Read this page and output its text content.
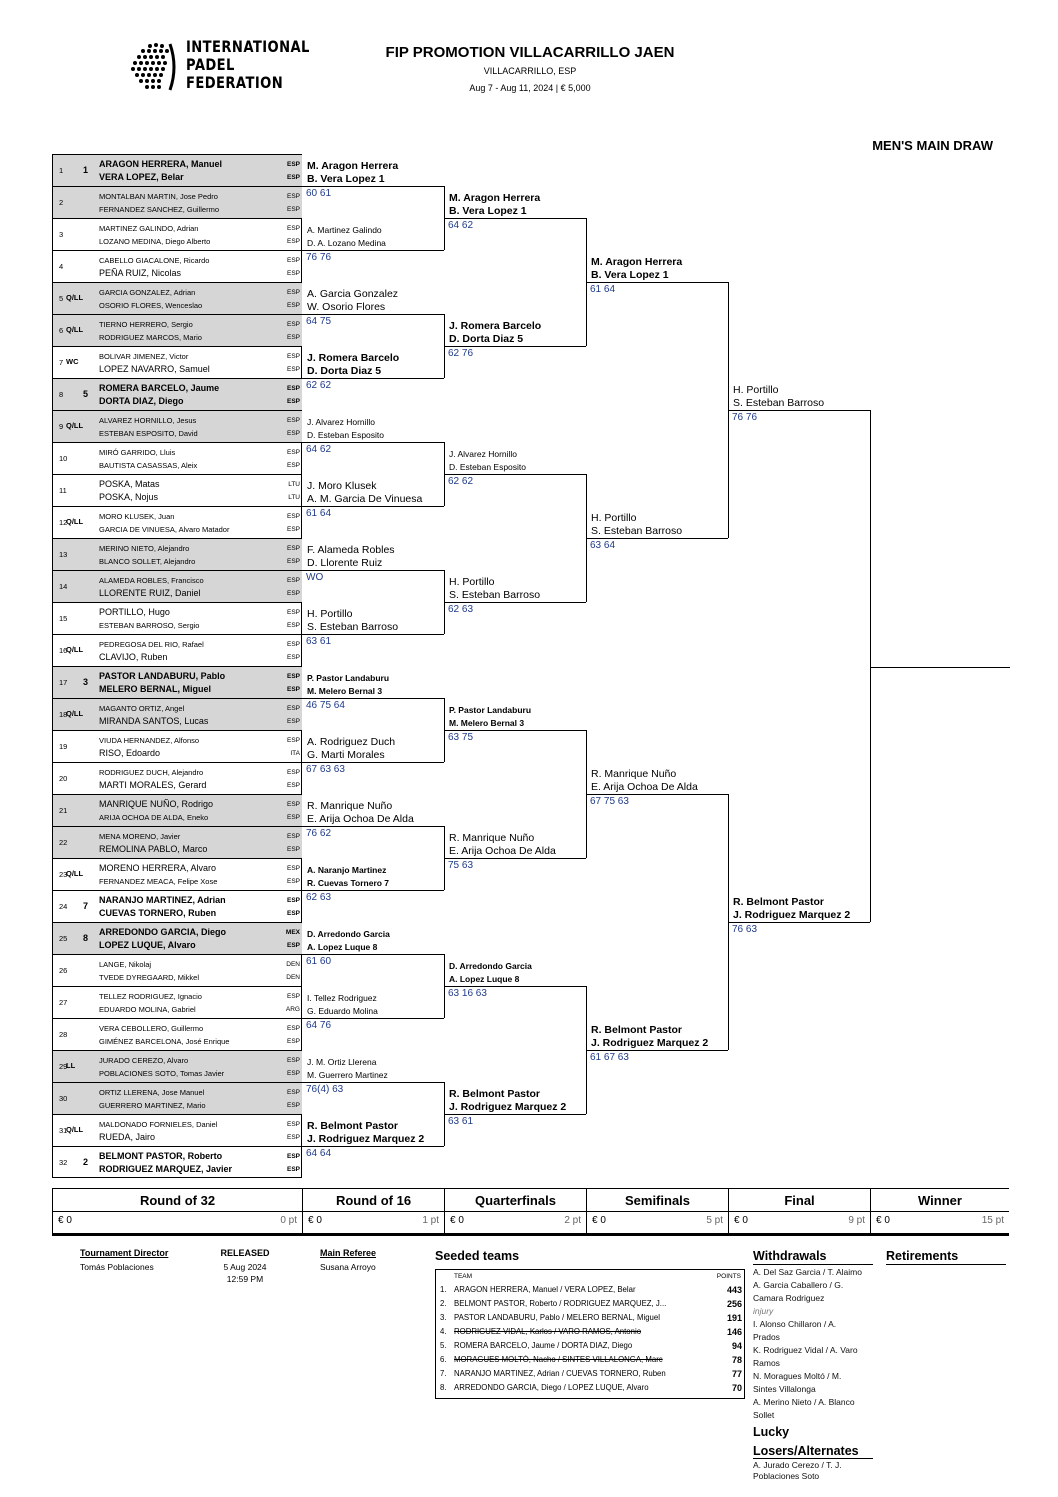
INTERNATIONAL
PADEL
FEDERATION
FIP PROMOTION VILLACARRILLO JAEN
VILLACARRILLO, ESP
Aug 7 - Aug 11, 2024 | € 5,000
MEN'S MAIN DRAW
1 1
ARAGON HERRERA, Manuel	ESP
VERA LOPEZ, Belar	ESP
2
MONTALBAN MARTIN, Jose Pedro	ESP
FERNANDEZ SANCHEZ, Guillermo	ESP
3
MARTINEZ GALINDO, Adrian	ESP
LOZANO MEDINA, Diego Alberto	ESP
4
CABELLO GIACALONE, Ricardo	ESP
PEÑA RUIZ, Nicolas	ESP
5 Q/LL
GARCIA GONZALEZ, Adrian	ESP
OSORIO FLORES, Wenceslao	ESP
6 Q/LL
TIERNO HERRERO, Sergio	ESP
RODRIGUEZ MARCOS, Mario	ESP
7 WC
BOLIVAR JIMENEZ, Victor	ESP
LOPEZ NAVARRO, Samuel	ESP
8 5
ROMERA BARCELO, Jaume	ESP
DORTA DIAZ, Diego	ESP
9 Q/LL
ALVAREZ HORNILLO, Jesus	ESP
ESTEBAN ESPOSITO, David	ESP
10
MIRÓ GARRIDO, Lluis	ESP
BAUTISTA CASASSAS, Aleix	ESP
11
POSKA, Matas	LTU
POSKA, Nojus	LTU
12
Q/LL
MORO KLUSEK, Juan	ESP
GARCIA DE VINUESA, Alvaro Matador	ESP
13
MERINO NIETO, Alejandro	ESP
BLANCO SOLLET, Alejandro	ESP
14
ALAMEDA ROBLES, Francisco	ESP
LLORENTE RUIZ, Daniel	ESP
15
PORTILLO, Hugo	ESP
ESTEBAN BARROSO, Sergio	ESP
16
Q/LL
PEDREGOSA DEL RIO, Rafael	ESP
CLAVIJO, Ruben	ESP
17 3
PASTOR LANDABURU, Pablo	ESP
MELERO BERNAL, Miguel	ESP
18
Q/LL
MAGANTO ORTIZ, Angel	ESP
MIRANDA SANTOS, Lucas	ESP
19
VIUDA HERNANDEZ, Alfonso	ESP
RISO, Edoardo	ITA
20
RODRIGUEZ DUCH, Alejandro	ESP
MARTI MORALES, Gerard	ESP
21
MANRIQUE NUÑO, Rodrigo	ESP
ARIJA OCHOA DE ALDA, Eneko	ESP
22
MENA MORENO, Javier	ESP
REMOLINA PABLO, Marco	ESP
23
Q/LL
MORENO HERRERA, Alvaro	ESP
FERNANDEZ MEACA, Felipe Xose	ESP
24 7
NARANJO MARTINEZ, Adrian	ESP
CUEVAS TORNERO, Ruben	ESP
25 8
ARREDONDO GARCIA, Diego	MEX
LOPEZ LUQUE, Alvaro	ESP
26
LANGE, Nikolaj	DEN
TVEDE DYREGAARD, Mikkel	DEN
27
TELLEZ RODRIGUEZ, Ignacio	ESP
EDUARDO MOLINA, Gabriel	ARG
28
VERA CEBOLLERO, Guillermo	ESP
GIMÉNEZ BARCELONA, José Enrique	ESP
29
LL
JURADO CEREZO, Alvaro	ESP
POBLACIONES SOTO, Tomas Javier	ESP
30
ORTIZ LLERENA, Jose Manuel	ESP
GUERRERO MARTINEZ, Mario	ESP
31
Q/LL
MALDONADO FORNIELES, Daniel	ESP
RUEDA, Jairo	ESP
32 2
BELMONT PASTOR, Roberto	ESP
RODRIGUEZ MARQUEZ, Javier	ESP
M. Aragon Herrera
B. Vera Lopez 1
60 61
A. Martinez Galindo
D. A. Lozano Medina
76 76
A. Garcia Gonzalez
W. Osorio Flores
64 75
J. Romera Barcelo
D. Dorta Diaz 5
62 62
J. Alvarez Hornillo
D. Esteban Esposito
64 62
J. Moro Klusek
A. M. Garcia De Vinuesa
61 64
F. Alameda Robles
D. Llorente Ruiz
WO
H. Portillo
S. Esteban Barroso
63 61
P. Pastor Landaburu
M. Melero Bernal 3
46 75 64
A. Rodriguez Duch
G. Marti Morales
67 63 63
R. Manrique Nuño
E. Arija Ochoa De Alda
76 62
A. Naranjo Martinez
R. Cuevas Tornero 7
62 63
D. Arredondo Garcia
A. Lopez Luque 8
61 60
I. Tellez Rodriguez
G. Eduardo Molina
64 76
J. M. Ortiz Llerena
M. Guerrero Martinez
76(4) 63
R. Belmont Pastor
J. Rodriguez Marquez 2
64 64
M. Aragon Herrera
B. Vera Lopez 1
64 62
J. Romera Barcelo
D. Dorta Diaz 5
62 76
J. Alvarez Hornillo
D. Esteban Esposito
62 62
H. Portillo
S. Esteban Barroso
62 63
P. Pastor Landaburu
M. Melero Bernal 3
63 75
R. Manrique Nuño
E. Arija Ochoa De Alda
75 63
D. Arredondo Garcia
A. Lopez Luque 8
63 16 63
R. Belmont Pastor
J. Rodriguez Marquez 2
63 61
M. Aragon Herrera
B. Vera Lopez 1
61 64
H. Portillo
S. Esteban Barroso
63 64
R. Manrique Nuño
E. Arija Ochoa De Alda
67 75 63
R. Belmont Pastor
J. Rodriguez Marquez 2
61 67 63
H. Portillo
S. Esteban Barroso
76 76
R. Belmont Pastor
J. Rodriguez Marquez 2
76 63
Round of 32
€ 0	0 pt
Round of 16
€ 0	1 pt
Quarterfinals
€ 0	2 pt
Semifinals
€ 0	5 pt
Final
€ 0	9 pt
Winner
€ 0	15 pt
Tournament Director
Tomás Poblaciones
RELEASED
5 Aug 2024
12:59 PM
Main Referee
Susana Arroyo
Seeded teams
TEAM	POINTS
1. ARAGON HERRERA, Manuel / VERA LOPEZ, Belar	443
2. BELMONT PASTOR, Roberto / RODRIGUEZ MARQUEZ, J...	256
3. PASTOR LANDABURU, Pablo / MELERO BERNAL, Miguel	191
4. RODRIGUEZ VIDAL, Karlos / VARO RAMOS, Antonio	146
5. ROMERA BARCELO, Jaume / DORTA DIAZ, Diego	94
6. MORAGUES MOLTÓ, Nacho / SINTES VILLALONGA, Marc	78
7. NARANJO MARTINEZ, Adrian / CUEVAS TORNERO, Ruben	77
8. ARREDONDO GARCIA, Diego / LOPEZ LUQUE, Alvaro	70
Withdrawals
A. Del Saz Garcia / T. Alaimo
A. Garcia Caballero / G.
Camara Rodriguez
injury
I. Alonso Chillaron / A.
Prados
K. Rodriguez Vidal / A. Varo
Ramos
N. Moragues Moltó / M.
Sintes Villalonga
A. Merino Nieto / A. Blanco
Sollet
Retirements
Lucky
Losers/Alternates
A. Jurado Cerezo / T. J.
Poblaciones Soto
